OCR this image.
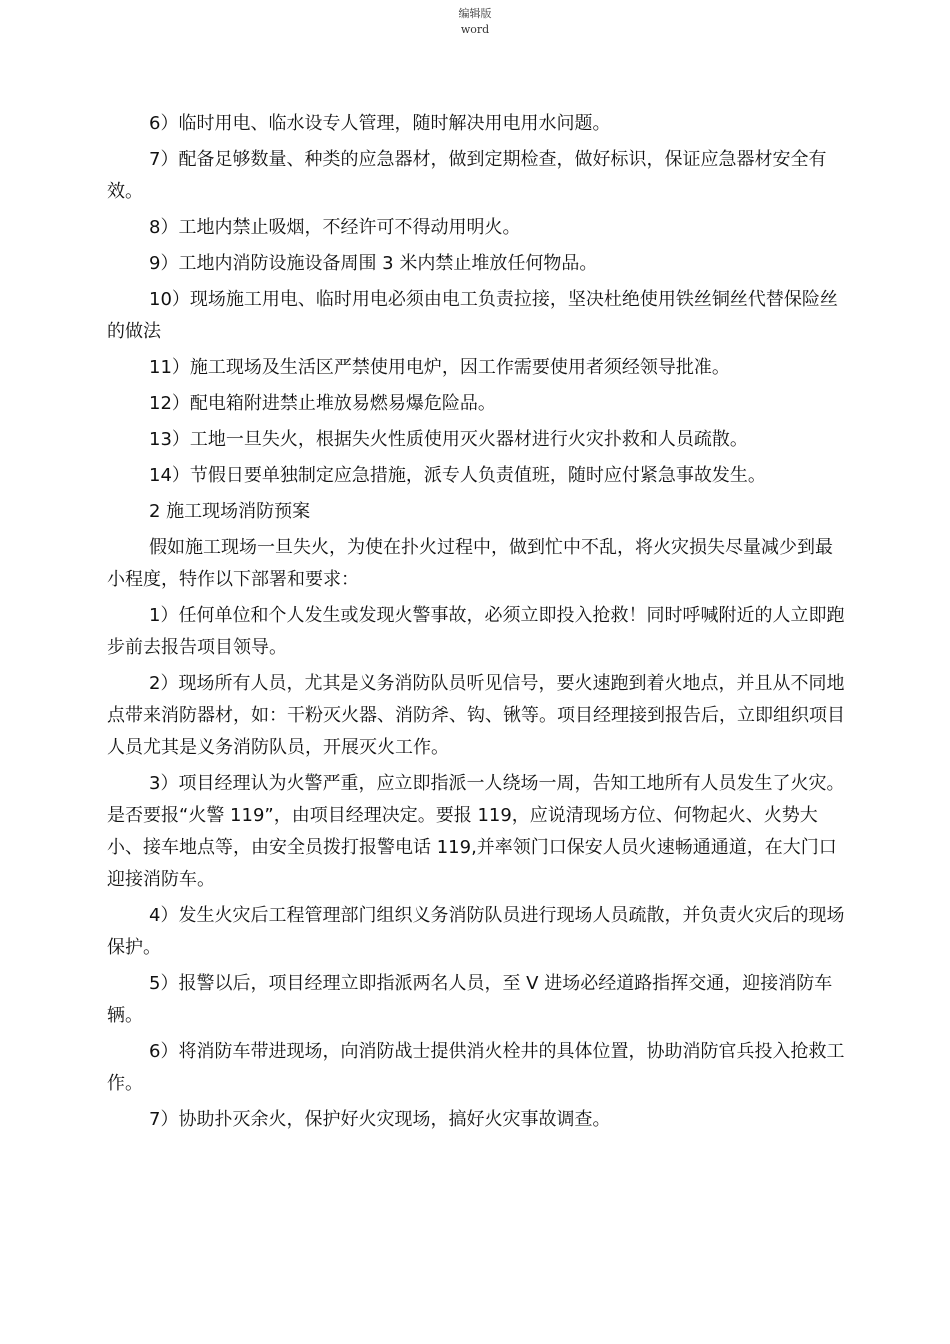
编辑版
word

6）临时用电、临水设专人管理，随时解决用电用水问题。

7）配备足够数量、种类的应急器材，做到定期检查，做好标识，保证应急器材安全有效。

8）工地内禁止吸烟，不经许可不得动用明火。

9）工地内消防设施设备周围 3 米内禁止堆放任何物品。

10）现场施工用电、临时用电必须由电工负责拉接，坚决杜绝使用铁丝铜丝代替保险丝的做法

11）施工现场及生活区严禁使用电炉，因工作需要使用者须经领导批准。

12）配电箱附进禁止堆放易燃易爆危险品。

13）工地一旦失火，根据失火性质使用灭火器材进行火灾扑救和人员疏散。

14）节假日要单独制定应急措施，派专人负责值班，随时应付紧急事故发生。

2 施工现场消防预案

假如施工现场一旦失火，为使在扑火过程中，做到忙中不乱，将火灾损失尽量减少到最小程度，特作以下部署和要求：

1）任何单位和个人发生或发现火警事故，必须立即投入抢救！同时呼喊附近的人立即跑步前去报告项目领导。

2）现场所有人员，尤其是义务消防队员听见信号，要火速跑到着火地点，并且从不同地点带来消防器材，如：干粉灭火器、消防斧、钩、锹等。项目经理接到报告后，立即组织项目人员尤其是义务消防队员，开展灭火工作。

3）项目经理认为火警严重，应立即指派一人绕场一周，告知工地所有人员发生了火灾。是否要报“火警 119”，由项目经理决定。要报 119，应说清现场方位、何物起火、火势大小、接车地点等，由安全员拨打报警电话 119,并率领门口保安人员火速畅通通道，在大门口迎接消防车。

4）发生火灾后工程管理部门组织义务消防队员进行现场人员疏散，并负责火灾后的现场保护。

5）报警以后，项目经理立即指派两名人员，至 V 进场必经道路指挥交通，迎接消防车辆。

6）将消防车带进现场，向消防战士提供消火栓井的具体位置，协助消防官兵投入抢救工作。

7）协助扑灭余火，保护好火灾现场，搞好火灾事故调查。
